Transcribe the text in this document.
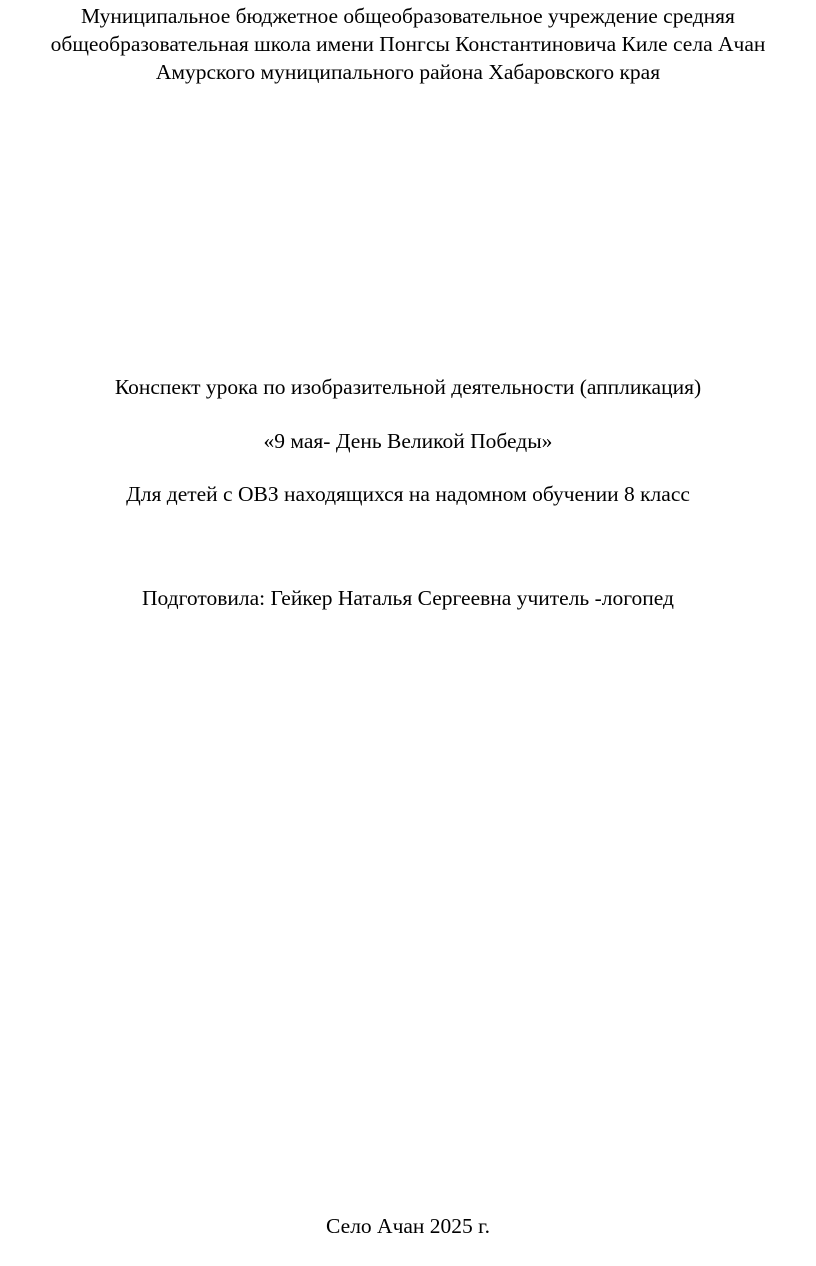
Муниципальное бюджетное общеобразовательное учреждение средняя
общеобразовательная школа имени Понгсы Константиновича Киле села Ачан
Амурского муниципального района Хабаровского края
Конспект урока по изобразительной деятельности (аппликация)
«9 мая- День Великой Победы»
Для детей с ОВЗ находящихся на надомном обучении 8 класс
Подготовила: Гейкер Наталья Сергеевна учитель -логопед
Село Ачан 2025 г.
